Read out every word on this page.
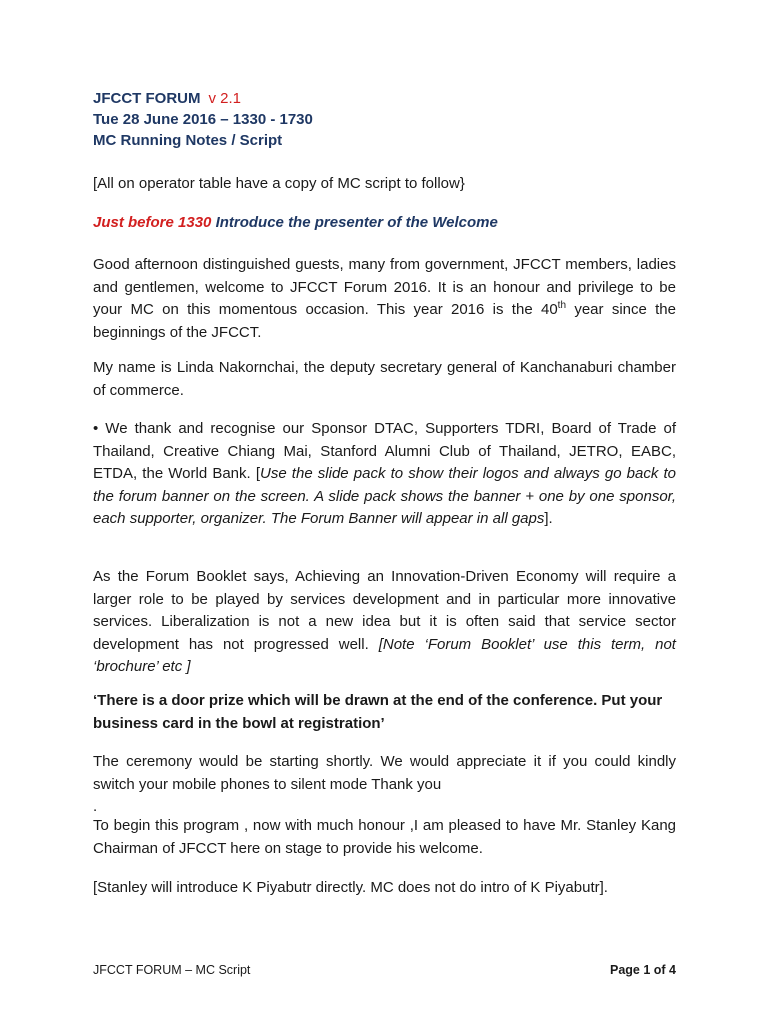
JFCCT FORUM v 2.1
Tue 28 June 2016 – 1330 - 1730
MC Running Notes / Script
[All on operator table have a copy of MC script to follow}
Just before 1330 Introduce the presenter of the Welcome
Good afternoon distinguished guests, many from government, JFCCT members, ladies and gentlemen, welcome to JFCCT Forum 2016. It is an honour and privilege to be your MC on this momentous occasion. This year 2016 is the 40th year since the beginnings of the JFCCT.
My name is Linda Nakornchai, the deputy secretary general of Kanchanaburi chamber of commerce.
• We thank and recognise our Sponsor DTAC, Supporters TDRI, Board of Trade of Thailand, Creative Chiang Mai, Stanford Alumni Club of Thailand, JETRO, EABC, ETDA, the World Bank. [Use the slide pack to show their logos and always go back to the forum banner on the screen. A slide pack shows the banner + one by one sponsor, each supporter, organizer. The Forum Banner will appear in all gaps].
As the Forum Booklet says, Achieving an Innovation-Driven Economy will require a larger role to be played by services development and in particular more innovative services. Liberalization is not a new idea but it is often said that service sector development has not progressed well. [Note ‘Forum Booklet’ use this term, not ‘brochure’ etc ]
‘There is a door prize which will be drawn at the end of the conference. Put your business card in the bowl at registration’
The ceremony would be starting shortly. We would appreciate it if you could kindly switch your mobile phones to silent mode Thank you
.
To begin this program , now with much honour ,I am pleased to have Mr. Stanley Kang Chairman of JFCCT here on stage to provide his welcome.
[Stanley will introduce K Piyabutr directly. MC does not do intro of K Piyabutr].
JFCCT FORUM – MC Script	Page 1 of 4
